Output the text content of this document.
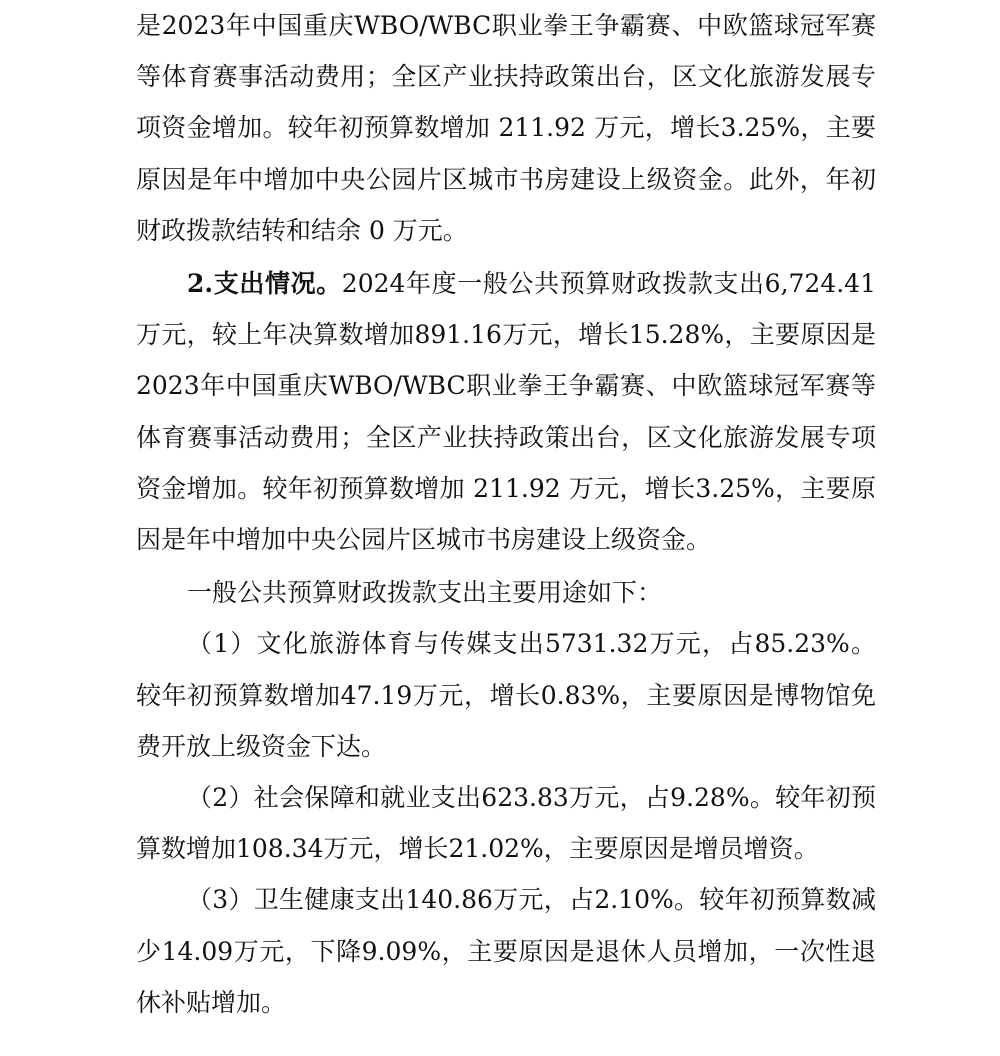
是2023年中国重庆WBO/WBC职业拳王争霸赛、中欧篮球冠军赛等体育赛事活动费用；全区产业扶持政策出台，区文化旅游发展专项资金增加。较年初预算数增加 211.92 万元，增长3.25%，主要原因是年中增加中央公园片区城市书房建设上级资金。此外，年初财政拨款结转和结余 0 万元。

2.支出情况。2024年度一般公共预算财政拨款支出6,724.41万元，较上年决算数增加891.16万元，增长15.28%，主要原因是2023年中国重庆WBO/WBC职业拳王争霸赛、中欧篮球冠军赛等体育赛事活动费用；全区产业扶持政策出台，区文化旅游发展专项资金增加。较年初预算数增加 211.92 万元，增长3.25%，主要原因是年中增加中央公园片区城市书房建设上级资金。

一般公共预算财政拨款支出主要用途如下：

（1）文化旅游体育与传媒支出5731.32万元，占85.23%。较年初预算数增加47.19万元，增长0.83%，主要原因是博物馆免费开放上级资金下达。

（2）社会保障和就业支出623.83万元，占9.28%。较年初预算数增加108.34万元，增长21.02%，主要原因是增员增资。

（3）卫生健康支出140.86万元，占2.10%。较年初预算数减少14.09万元，下降9.09%，主要原因是退休人员增加，一次性退休补贴增加。
